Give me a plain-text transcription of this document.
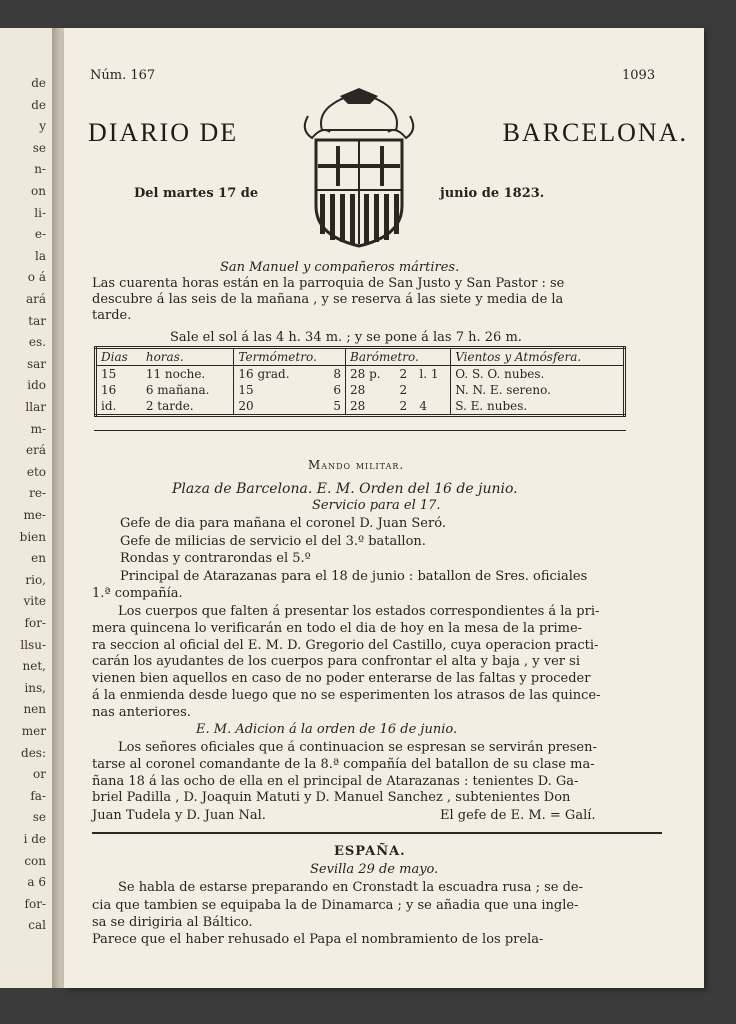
de
de
y
se
n-
on
li-
e-
la
o á
ará
tar
es.
sar
ido
llar
m-
erá
eto
re-
me-
bien
en
rio,
vite
for-
llsu-
net,
ins,
nen
mer
des:
or
fa-
se
i de
con
a 6
for-
cal
Núm. 167	1093
DIARIO DE	BARCELONA.
Del martes 17 de	junio de 1823.
San Manuel y compañeros mártires.
Las cuarenta horas están en la parroquia de San Justo y San Pastor : se
descubre á las seis de la mañana , y se reserva á las siete y media de la
tarde.
Sale el sol á las 4 h. 34 m. ; y se pone á las 7 h. 26 m.
Dias	horas.	Termómetro.		Barómetro.			Vientos y Atmósfera.
15	11 noche.	16 grad.	8	28 p.	2	l. 1	O. S. O. nubes.
16	6 mañana.	15	6	28	2		N. N. E. sereno.
id.	2 tarde.	20	5	28	2	4	S. E. nubes.
Mando militar.
Plaza de Barcelona. E. M. Orden del 16 de junio.
Servicio para el 17.
Gefe de dia para mañana el coronel D. Juan Seró.
Gefe de milicias de servicio el del 3.º batallon.
Rondas y contrarondas el 5.º
Principal de Atarazanas para el 18 de junio : batallon de Sres. oficiales
1.ª compañía.
Los cuerpos que falten á presentar los estados correspondientes á la pri-
mera quincena lo verificarán en todo el dia de hoy en la mesa de la prime-
ra seccion al oficial del E. M. D. Gregorio del Castillo, cuya operacion practi-
carán los ayudantes de los cuerpos para confrontar el alta y baja , y ver si
vienen bien aquellos en caso de no poder enterarse de las faltas y proceder
á la enmienda desde luego que no se esperimenten los atrasos de las quince-
nas anteriores.
E. M. Adicion á la orden de 16 de junio.
Los señores oficiales que á continuacion se espresan se servirán presen-
tarse al coronel comandante de la 8.ª compañía del batallon de su clase ma-
ñana 18 á las ocho de ella en el principal de Atarazanas : tenientes D. Ga-
briel Padilla , D. Joaquin Matuti y D. Manuel Sanchez , subtenientes Don
Juan Tudela y D. Juan Nal.	El gefe de E. M. = Galí.
ESPAÑA.
Sevilla 29 de mayo.
Se habla de estarse preparando en Cronstadt la escuadra rusa ; se de-
cia que tambien se equipaba la de Dinamarca ; y se añadia que una ingle-
sa se dirigiria al Báltico.
Parece que el haber rehusado el Papa el nombramiento de los prela-
